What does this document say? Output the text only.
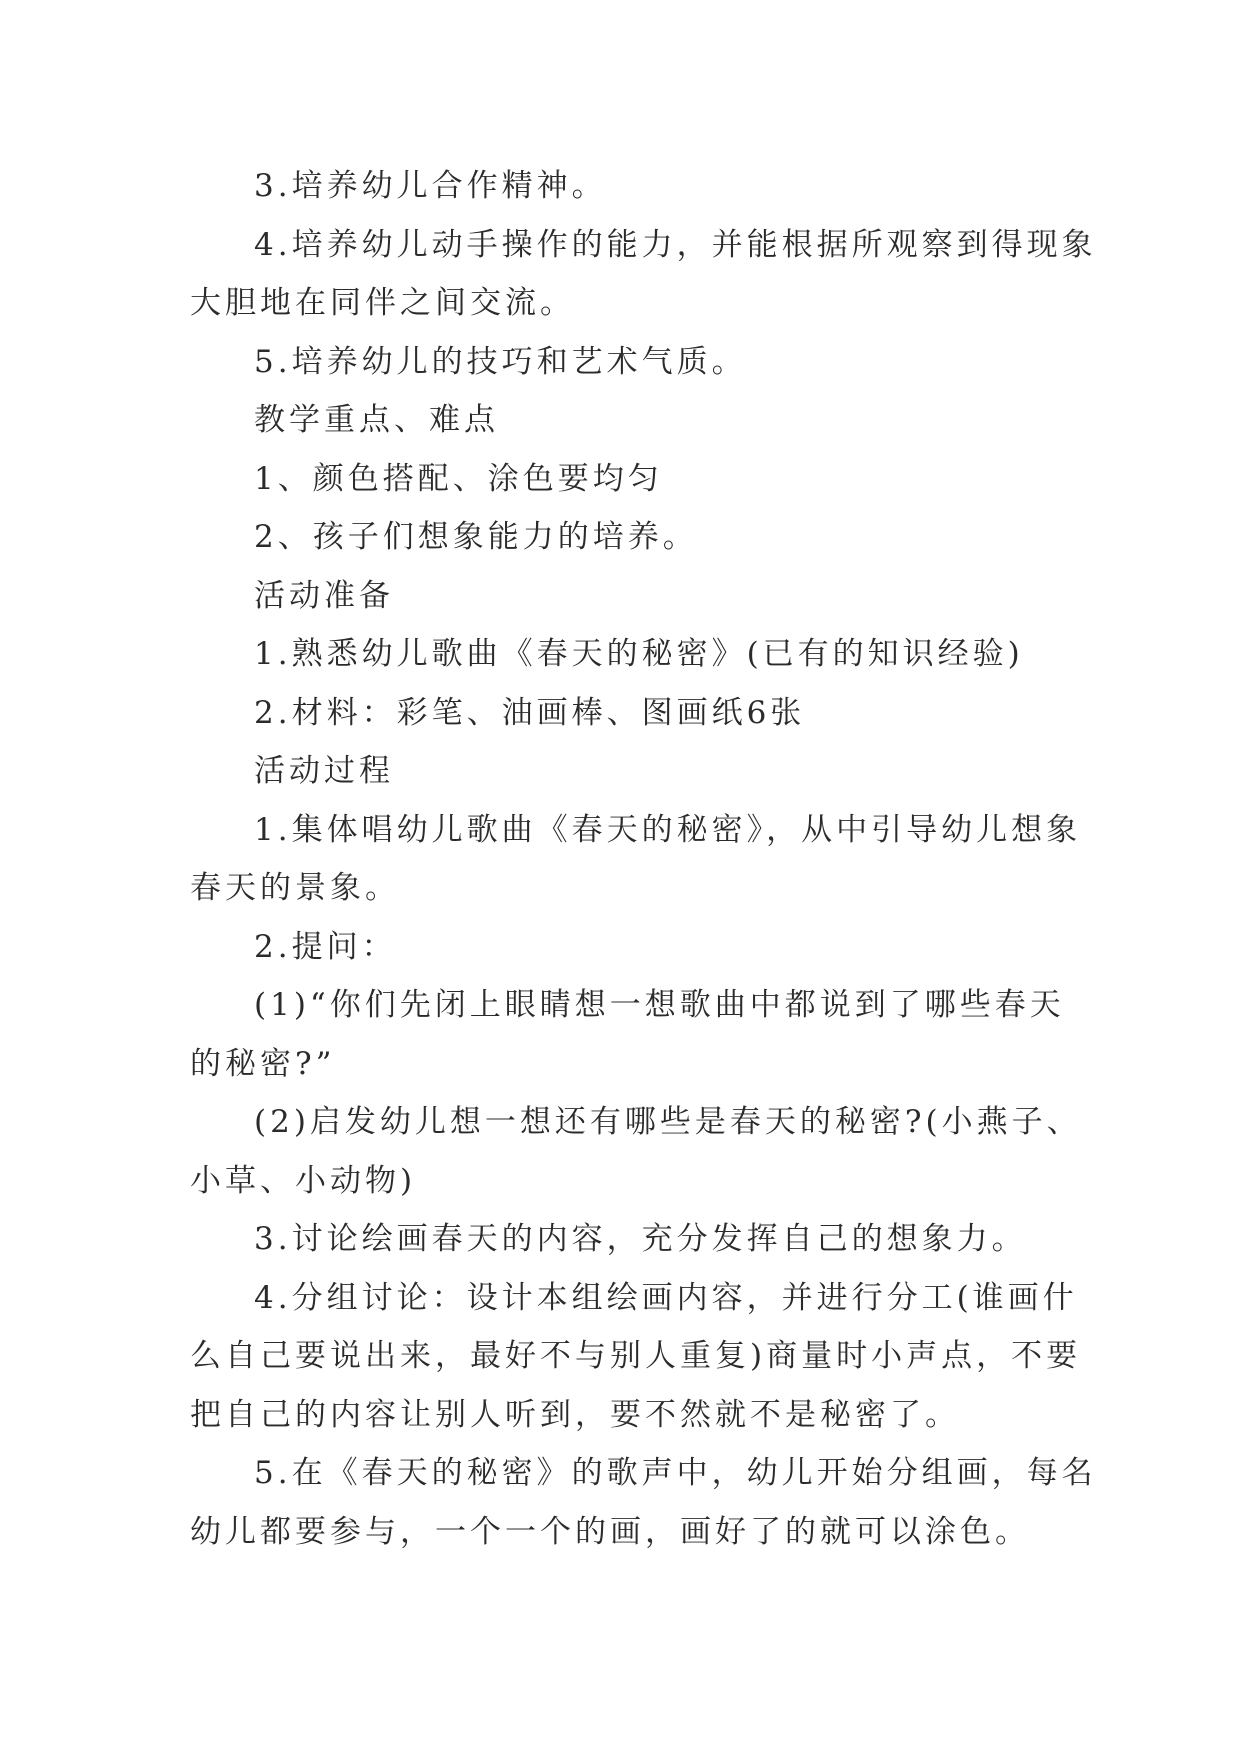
3.培养幼儿合作精神。

4.培养幼儿动手操作的能力，并能根据所观察到得现象
大胆地在同伴之间交流。

5.培养幼儿的技巧和艺术气质。

教学重点、难点

1、颜色搭配、涂色要均匀

2、孩子们想象能力的培养。

活动准备

1.熟悉幼儿歌曲《春天的秘密》(已有的知识经验)

2.材料：彩笔、油画棒、图画纸6张

活动过程

1.集体唱幼儿歌曲《春天的秘密》，从中引导幼儿想象
春天的景象。

2.提问：

(1)“你们先闭上眼睛想一想歌曲中都说到了哪些春天
的秘密?”

(2)启发幼儿想一想还有哪些是春天的秘密?(小燕子、
小草、小动物)

3.讨论绘画春天的内容，充分发挥自己的想象力。

4.分组讨论：设计本组绘画内容，并进行分工(谁画什
么自己要说出来，最好不与别人重复)商量时小声点，不要
把自己的内容让别人听到，要不然就不是秘密了。

5.在《春天的秘密》的歌声中，幼儿开始分组画，每名
幼儿都要参与，一个一个的画，画好了的就可以涂色。
